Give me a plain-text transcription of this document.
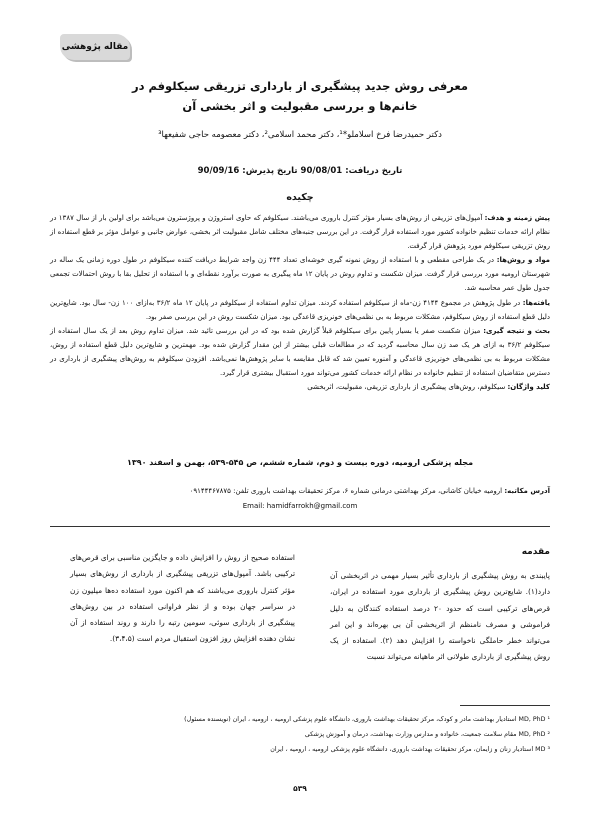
مقاله پژوهشی
معرفی روش جدید پیشگیری از بارداری تزریقی سیکلوفم در
خانم‌ها و بررسی مقبولیت و اثر بخشی آن
دکتر حمیدرضا فرخ اسلاملو*¹، دکتر محمد اسلامی²، دکتر معصومه حاجی شفیعها³
تاریخ دریافت: 90/08/01 تاریخ پذیرش: 90/09/16
چکیده

پیش زمینه و هدف: آمپول‌های تزریقی از روش‌های بسیار مؤثر کنترل باروری می‌باشند. سیکلوفم که حاوی استروژن و پروژسترون می‌باشد برای اولین بار از سال ۱۳۸۷ در نظام ارائه خدمات تنظیم خانواده کشور مورد استفاده قرار گرفت. در این بررسی جنبه‌های مختلف شامل مقبولیت اثر بخشی، عوارض جانبی و عوامل مؤثر بر قطع استفاده از روش تزریقی سیکلوفم مورد پژوهش قرار گرفت.

مواد و روش‌ها: در یک طراحی مقطعی و با استفاده از روش نمونه گیری خوشه‌ای تعداد ۴۴۴ زن واجد شرایط دریافت کننده سیکلوفم در طول دوره زمانی یک ساله در شهرستان ارومیه مورد بررسی قرار گرفت. میزان شکست و تداوم روش در پایان ۱۲ ماه پیگیری به صورت برآورد نقطه‌ای و با استفاده از تحلیل بقا با روش احتمالات تجمعی جدول طول عمر محاسبه شد.

یافته‌ها: در طول پژوهش در مجموع ۴۱۴۴ زن-ماه از سیکلوفم استفاده کردند. میزان تداوم استفاده از سیکلوفم در پایان ۱۲ ماه ۳۶/۲ به‌ازای ۱۰۰ زن- سال بود. شایع‌ترین دلیل قطع استفاده از روش سیکلوفم، مشکلات مربوط به بی نظمی‌های خونریزی قاعدگی بود. میزان شکست روش در این بررسی صفر بود.

بحث و نتیجه گیری: میزان شکست صفر یا بسیار پایین برای سیکلوفم قبلاً گزارش شده بود که در این بررسی تائید شد. میزان تداوم روش بعد از یک سال استفاده از سیکلوفم ۳۶/۲ به ازای هر یک صد زن سال محاسبه گردید که در مطالعات قبلی بیشتر از این مقدار گزارش شده بود. مهمترین و شایع‌ترین دلیل قطع استفاده از روش، مشکلات مربوط به بی نظمی‌های خونریزی قاعدگی و آمنوره تعیین شد که قابل مقایسه با سایر پژوهش‌ها نمی‌باشد. افزودن سیکلوفم به روش‌های پیشگیری از بارداری در دسترس متقاضیان استفاده از تنظیم خانواده در نظام ارائه خدمات کشور می‌تواند مورد استقبال بیشتری قرار گیرد.

کلید واژگان: سیکلوفم، روش‌های پیشگیری از بارداری تزریقی، مقبولیت، اثربخشی

مجله پزشکی ارومیه، دوره بیست و دوم، شماره ششم، ص ۵۴۵-۵۳۹، بهمن و اسفند ۱۳۹۰
آدرس مکاتبه: ارومیه خیابان کاشانی، مرکز بهداشتی درمانی شماره ۶، مرکز تحقیقات بهداشت باروری تلفن: ۰۹۱۴۴۴۶۷۸۷۵
Email: hamidfarrokh@gmail.com
مقدمه
پایبندی به روش پیشگیری از بارداری تأثیر بسیار مهمی در اثربخشی آن دارد(۱). شایع‌ترین روش پیشگیری از بارداری مورد استفاده در ایران، قرص‌های ترکیبی است که حدود ۲۰ درصد استفاده کنندگان به دلیل فراموشی و مصرف نامنظم از اثربخشی آن بی بهره‌اند و این امر می‌تواند خطر حاملگی ناخواسته را افزایش دهد (۲). استفاده از یک روش پیشگیری از بارداری طولانی اثر ماهیانه می‌تواند نسبت
استفاده صحیح از روش را افزایش داده و جایگزین مناسبی برای قرص‌های ترکیبی باشد. آمپول‌های تزریقی پیشگیری از بارداری از روش‌های بسیار مؤثر کنترل باروری می‌باشند که هم اکنون مورد استفاده ده‌ها میلیون زن در سراسر جهان بوده و از نظر فراوانی استفاده در بین روش‌های پیشگیری از بارداری سوئی، سومین رتبه را دارند و روند استفاده از آن نشان دهنده افزایش روز افزون استقبال مردم است (۳،۴،۵).
¹ MD, PhD استادیار بهداشت مادر و کودک، مرکز تحقیقات بهداشت باروری، دانشگاه علوم پزشکی ارومیه ، ارومیه ، ایران (نویسنده مسئول)
² MD, PhD مقام سلامت جمعیت، خانواده و مدارس وزارت بهداشت، درمان و آموزش پزشکی
³ MD استادیار زنان و زایمان، مرکز تحقیقات بهداشت باروری، دانشگاه علوم پزشکی ارومیه ، ارومیه ، ایران
۵۳۹
